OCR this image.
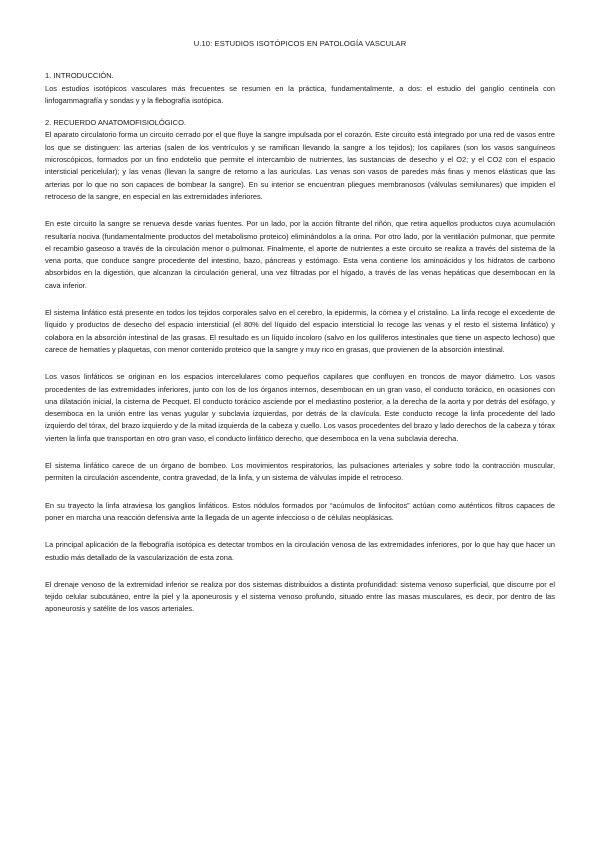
U.10: ESTUDIOS ISOTÓPICOS EN PATOLOGÍA VASCULAR
1. INTRODUCCIÓN.

Los estudios isotópicos vasculares más frecuentes se resumen en la práctica, fundamentalmente, a dos: el estudio del ganglio centinela con linfogammagrafía y sondas y y la flebografía isotópica.

2. RECUERDO ANATOMOFISIOLÓGICO.

El aparato circulatorio forma un circuito cerrado por el que fluye la sangre impulsada por el corazón. Este circuito está integrado por una red de vasos entre los que se distinguen: las arterias (salen de los ventrículos y se ramifican llevando la sangre a los tejidos); los capilares (son los vasos sanguíneos microscópicos, formados por un fino endotelio que permite el intercambio de nutrientes, las sustancias de desecho y el O2; y el CO2 con el espacio intersticial pericelular); y las venas (llevan la sangre de retorno a las aurículas. Las venas son vasos de paredes más finas y menos elásticas que las arterias por lo que no son capaces de bombear la sangre). En su interior se encuentran pliegues membranosos (válvulas semilunares) que impiden el retroceso de la sangre, en especial en las extremidades inferiores.

En este circuito la sangre se renueva desde varias fuentes. Por un lado, por la acción filtrante del riñón, que retira aquellos productos cuya acumulación resultaría nociva (fundamentalmente productos del metabolismo proteico) eliminándolos a la orina. Por otro lado, por la ventilación pulmonar, que permite el recambio gaseoso a través de la circulación menor o pulmonar. Finalmente, el aporte de nutrientes a este circuito se realiza a través del sistema de la vena porta, que conduce sangre procedente del intestino, bazo, páncreas y estómago. Esta vena contiene los aminoácidos y los hidratos de carbono absorbidos en la digestión, que alcanzan la circulación general, una vez filtradas por el hígado, a través de las venas hepáticas que desembocan en la cava inferior.

El sistema linfático está presente en todos los tejidos corporales salvo en el cerebro, la epidermis, la córnea y el cristalino. La linfa recoge el excedente de líquido y productos de desecho del espacio intersticial (el 80% del líquido del espacio intersticial lo recoge las venas y el resto el sistema linfático) y colabora en la absorción intestinal de las grasas. El resultado es un líquido incoloro (salvo en los quilíferos intestinales que tiene un aspecto lechoso) que carece de hematíes y plaquetas, con menor contenido proteico que la sangre y muy rico en grasas, que provienen de la absorción intestinal.

Los vasos linfáticos se originan en los espacios intercelulares como pequeños capilares que confluyen en troncos de mayor diámetro. Los vasos procedentes de las extremidades inferiores, junto con los de los órganos internos, desembocan en un gran vaso, el conducto torácico, en ocasiones con una dilatación inicial, la cisterna de Pecquet. El conducto torácico asciende por el mediastino posterior, a la derecha de la aorta y por detrás del esófago, y desemboca en la unión entre las venas yugular y subclavia izquierdas, por detrás de la clavícula. Este conducto recoge la linfa procedente del lado izquierdo del tórax, del brazo izquierdo y de la mitad izquierda de la cabeza y cuello. Los vasos procedentes del brazo y lado derechos de la cabeza y tórax vierten la linfa que transportan en otro gran vaso, el conducto linfático derecho, que desemboca en la vena subclavia derecha.

El sistema linfático carece de un órgano de bombeo. Los movimientos respiratorios, las pulsaciones arteriales y sobre todo la contracción muscular, permiten la circulación ascendente, contra gravedad, de la linfa, y un sistema de válvulas impide el retroceso.

En su trayecto la linfa atraviesa los ganglios linfáticos. Estos nódulos formados por “acúmulos de linfocitos” actúan como auténticos filtros capaces de poner en marcha una reacción defensiva ante la llegada de un agente infeccioso o de células neoplásicas.

La principal aplicación de la flebografía isotópica es detectar trombos en la circulación venosa de las extremidades inferiores, por lo que hay que hacer un estudio más detallado de la vascularización de esta zona.

El drenaje venoso de la extremidad inferior se realiza por dos sistemas distribuidos a distinta profundidad: sistema venoso superficial, que discurre por el tejido celular subcutáneo, entre la piel y la aponeurosis y el sistema venoso profundo, situado entre las masas musculares, es decir, por dentro de las aponeurosis y satélite de los vasos arteriales.
